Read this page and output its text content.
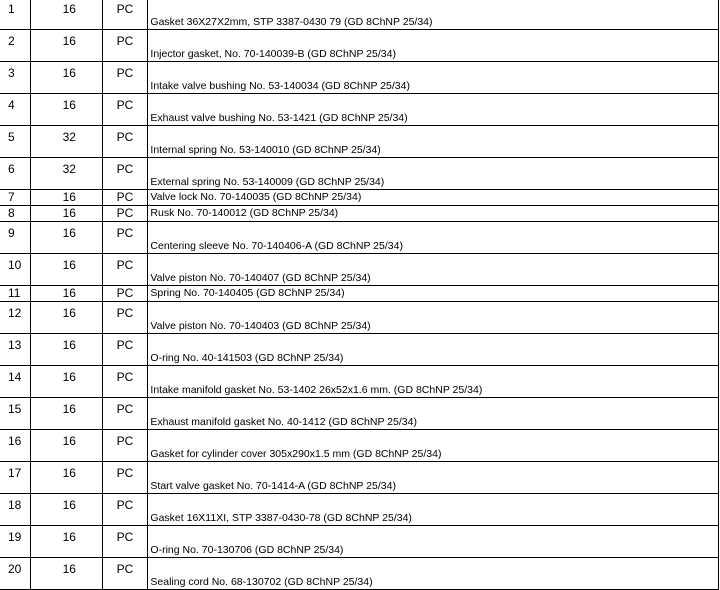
1	16	PC	Gasket 36X27X2mm, STP 3387-0430 79 (GD 8ChNP 25/34)
2	16	PC	Injector gasket, No. 70-140039-B (GD 8ChNP 25/34)
3	16	PC	Intake valve bushing No. 53-140034 (GD 8ChNP 25/34)
4	16	PC	Exhaust valve bushing No. 53-1421 (GD 8ChNP 25/34)
5	32	PC	Internal spring No. 53-140010 (GD 8ChNP 25/34)
6	32	PC	External spring No. 53-140009 (GD 8ChNP 25/34)
7	16	PC	Valve lock No. 70-140035 (GD 8ChNP 25/34)
8	16	PC	Rusk No. 70-140012 (GD 8ChNP 25/34)
9	16	PC	Centering sleeve No. 70-140406-A (GD 8ChNP 25/34)
10	16	PC	Valve piston No. 70-140407 (GD 8ChNP 25/34)
11	16	PC	Spring No. 70-140405 (GD 8ChNP 25/34)
12	16	PC	Valve piston No. 70-140403 (GD 8ChNP 25/34)
13	16	PC	O-ring No. 40-141503 (GD 8ChNP 25/34)
14	16	PC	Intake manifold gasket No. 53-1402 26x52x1.6 mm. (GD 8ChNP 25/34)
15	16	PC	Exhaust manifold gasket No. 40-1412 (GD 8ChNP 25/34)
16	16	PC	Gasket for cylinder cover 305x290x1.5 mm (GD 8ChNP 25/34)
17	16	PC	Start valve gasket No. 70-1414-A (GD 8ChNP 25/34)
18	16	PC	Gasket 16X11XI, STP 3387-0430-78 (GD 8ChNP 25/34)
19	16	PC	O-ring No. 70-130706 (GD 8ChNP 25/34)
20	16	PC	Sealing cord No. 68-130702 (GD 8ChNP 25/34)
